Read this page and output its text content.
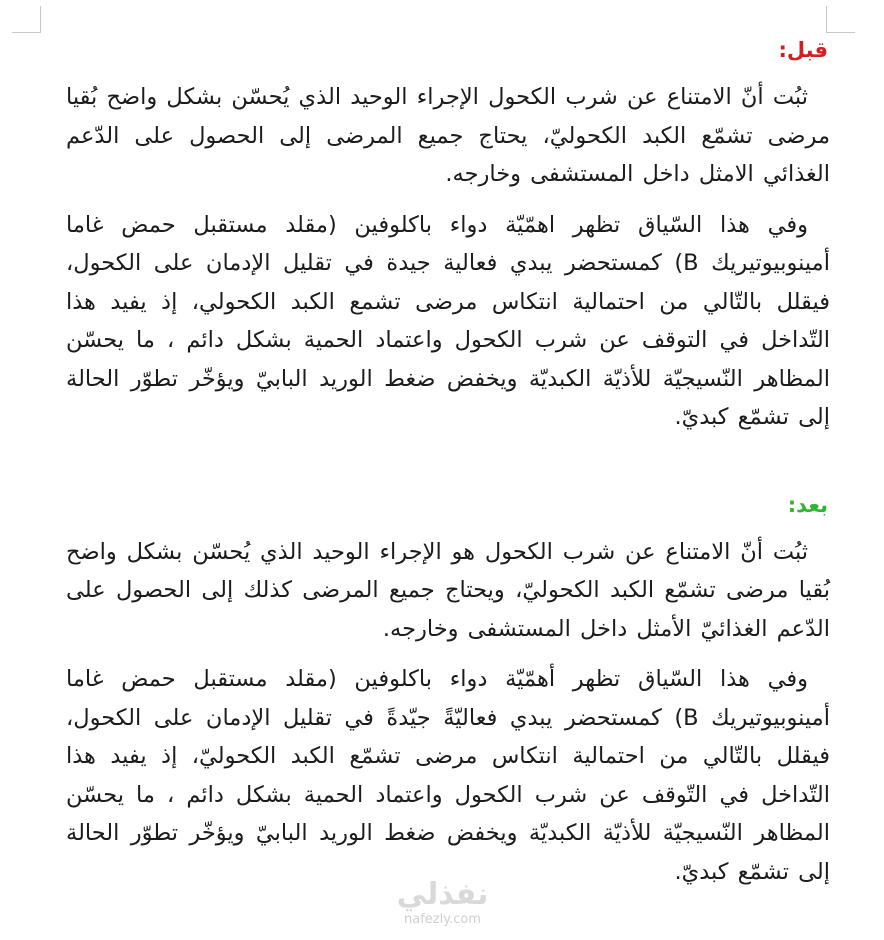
قبل:

ثبُت أنّ الامتناع عن شرب الكحول الإجراء الوحيد الذي يُحسّن بشكل واضح بُقيا مرضى تشمّع الكبد الكحوليّ، يحتاج جميع المرضى إلى الحصول على الدّعم الغذائي الامثل داخل المستشفى وخارجه.

وفي هذا السّياق تظهر اهمّيّة دواء باكلوفين (مقلد مستقبل حمض غاما أمينوبيوتيريك B) كمستحضر يبدي فعالية جيدة في تقليل الإدمان على الكحول، فيقلل بالتّالي من احتمالية انتكاس مرضى تشمع الكبد الكحولي، إذ يفيد هذا التّداخل في التوقف عن شرب الكحول واعتماد الحمية بشكل دائم ، ما يحسّن المظاهر النّسيجيّة للأذيّة الكبديّة ويخفض ضغط الوريد البابيّ ويؤخّر تطوّر الحالة إلى تشمّع كبديّ.

بعد:

ثبُت أنّ الامتناع عن شرب الكحول هو الإجراء الوحيد الذي يُحسّن بشكل واضح بُقيا مرضى تشمّع الكبد الكحوليّ، ويحتاج جميع المرضى كذلك إلى الحصول على الدّعم الغذائيّ الأمثل داخل المستشفى وخارجه.

وفي هذا السّياق تظهر أهمّيّة دواء باكلوفين (مقلد مستقبل حمض غاما أمينوبيوتيريك B) كمستحضر يبدي فعاليّةً جيّدةً في تقليل الإدمان على الكحول، فيقلل بالتّالي من احتمالية انتكاس مرضى تشمّع الكبد الكحوليّ، إذ يفيد هذا التّداخل في التّوقف عن شرب الكحول واعتماد الحمية بشكل دائم ، ما يحسّن المظاهر النّسيجيّة للأذيّة الكبديّة ويخفض ضغط الوريد البابيّ ويؤخّر تطوّر الحالة إلى تشمّع كبديّ.

نفذلي
nafezly.com
